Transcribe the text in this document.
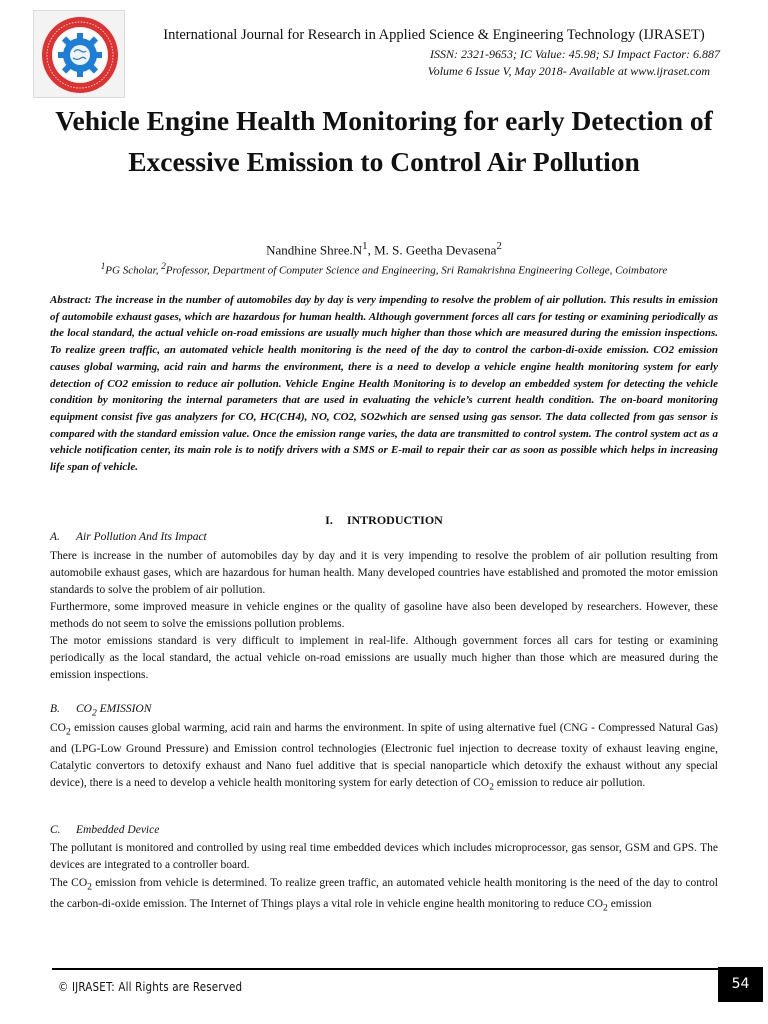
International Journal for Research in Applied Science & Engineering Technology (IJRASET)
ISSN: 2321-9653; IC Value: 45.98; SJ Impact Factor: 6.887
Volume 6 Issue V, May 2018- Available at www.ijraset.com
Vehicle Engine Health Monitoring for early Detection of Excessive Emission to Control Air Pollution
Nandhine $Shree.N^1$, M. S. Geetha Devasena$^2$
$^1$PG Scholar, $^2$Professor, Department of Computer Science and Engineering, Sri Ramakrishna Engineering College, Coimbatore
Abstract: The increase in the number of automobiles day by day is very impending to resolve the problem of air pollution. This results in emission of automobile exhaust gases, which are hazardous for human health. Although government forces all cars for testing or examining periodically as the local standard, the actual vehicle on-road emissions are usually much higher than those which are measured during the emission inspections. To realize green traffic, an automated vehicle health monitoring is the need of the day to control the carbon-di-oxide emission. CO2 emission causes global warming, acid rain and harms the environment, there is a need to develop a vehicle engine health monitoring system for early detection of CO2 emission to reduce air pollution. Vehicle Engine Health Monitoring is to develop an embedded system for detecting the vehicle condition by monitoring the internal parameters that are used in evaluating the vehicle’s current health condition. The on-board monitoring equipment consist five gas analyzers for CO, HC(CH4), NO, CO2, SO2which are sensed using gas sensor. The data collected from gas sensor is compared with the standard emission value. Once the emission range varies, the data are transmitted to control system. The control system act as a vehicle notification center, its main role is to notify drivers with a SMS or E-mail to repair their car as soon as possible which helps in increasing life span of vehicle.
I. INTRODUCTION
A. Air Pollution And Its Impact
There is increase in the number of automobiles day by day and it is very impending to resolve the problem of air pollution resulting from automobile exhaust gases, which are hazardous for human health. Many developed countries have established and promoted the motor emission standards to solve the problem of air pollution.
Furthermore, some improved measure in vehicle engines or the quality of gasoline have also been developed by researchers. However, these methods do not seem to solve the emissions pollution problems.
The motor emissions standard is very difficult to implement in real-life. Although government forces all cars for testing or examining periodically as the local standard, the actual vehicle on-road emissions are usually much higher than those which are measured during the emission inspections.
B. $CO_2$ EMISSION
$CO_2$ emission causes global warming, acid rain and harms the environment. In spite of using alternative fuel (CNG - Compressed Natural Gas) and (LPG-Low Ground Pressure) and Emission control technologies (Electronic fuel injection to decrease toxity of exhaust leaving engine, Catalytic convertors to detoxify exhaust and Nano fuel additive that is special nanoparticle which detoxify the exhaust without any special device), there is a need to develop a vehicle health monitoring system for early detection of $CO_2$ emission to reduce air pollution.
C. Embedded Device
The pollutant is monitored and controlled by using real time embedded devices which includes microprocessor, gas sensor, GSM and GPS. The devices are integrated to a controller board.
The $CO_2$ emission from vehicle is determined. To realize green traffic, an automated vehicle health monitoring is the need of the day to control the carbon-di-oxide emission. The Internet of Things plays a vital role in vehicle engine health monitoring to reduce $CO_2$ emission
© IJRASET: All Rights are Reserved	54
